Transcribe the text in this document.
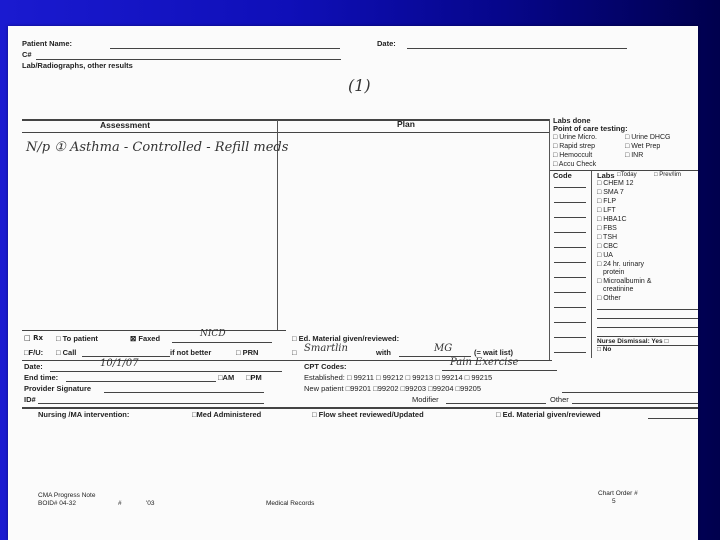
Patient Name:	Date:
C#
Lab/Radiographs, other results
(1)
Assessment	Plan
N/p ① Asthma - Controlled - Refill meds
Labs done
Point of care testing:
□ Urine Micro.	□ Urine DHCG
□ Rapid strep	□ Wet Prep
□ Hemoccult	□ INR
□ Accu Check
Code	Labs □Today	□ Prev/lim
□ CHEM 12
□ SMA 7
□ FLP
□ LFT
□ HBA1C
□ FBS
□ TSH
□ CBC
□ UA
□ 24 hr. urinary
protein
□ Microalbumin &
creatinine
□ Other
Nurse Dismissal: Yes □
□ No
□ Rx □ To patient	⊠ Faxed	NICD	□ Ed. Material given/reviewed:
□F/U: □ Call	if not better	□ PRN	□ Smartlin	with	MG	(= wait list)
Date:	10/1/07	CPT Codes:	Pain Exercise
End time:	□AM □PM	Established: □ 99211 □ 99212 □ 99213 □ 99214 □ 99215
Provider Signature	New patient □99201 □99202 □99203 □99204 □99205
ID#	Modifier	Other
Nursing /MA intervention:	□Med Administered	□ Flow sheet reviewed/Updated	□ Ed. Material given/reviewed
CMA Progress Note
BOID# 04-32	#	'03	Medical Records
Chart Order #
5
